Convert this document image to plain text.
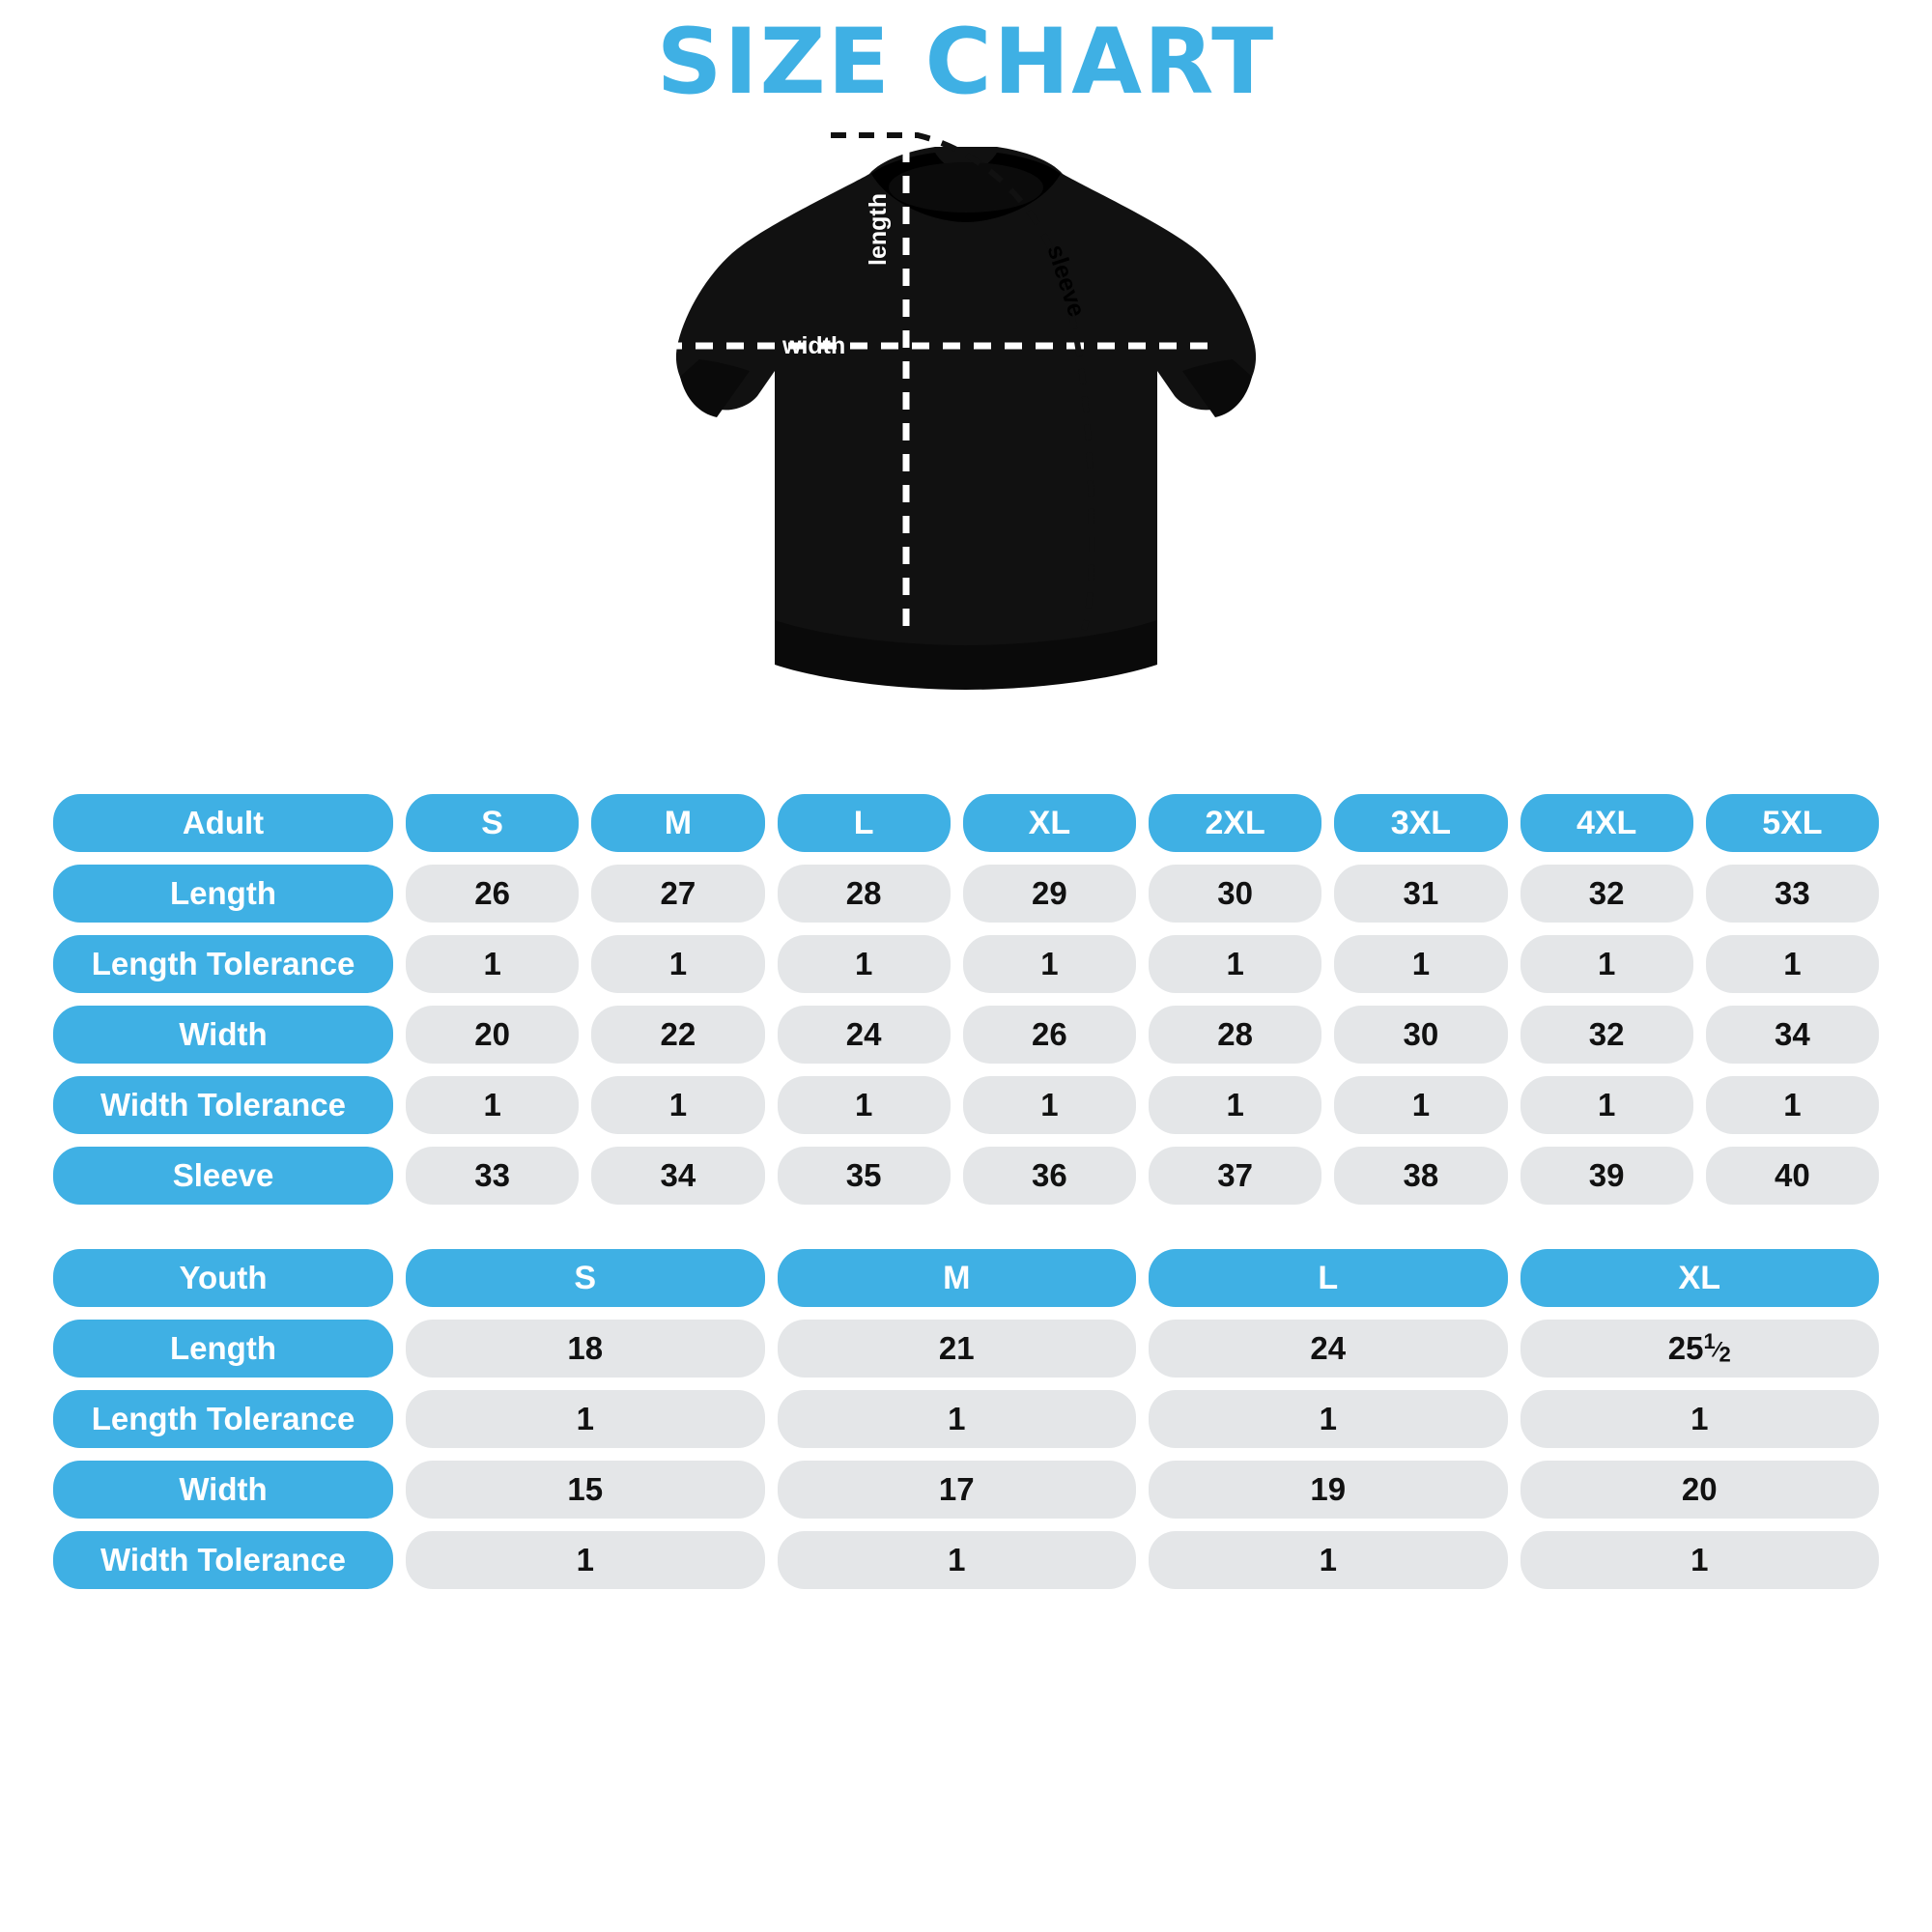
SIZE CHART
width
length
sleeve
Adult	S	M	L	XL	2XL	3XL	4XL	5XL
Length	26	27	28	29	30	31	32	33
Length Tolerance	1	1	1	1	1	1	1	1
Width	20	22	24	26	28	30	32	34
Width Tolerance	1	1	1	1	1	1	1	1
Sleeve	33	34	35	36	37	38	39	40
Youth	S	M	L	XL
Length	18	21	24	25 $^1⁄_2$
Length Tolerance	1	1	1	1
Width	15	17	19	20
Width Tolerance	1	1	1	1
